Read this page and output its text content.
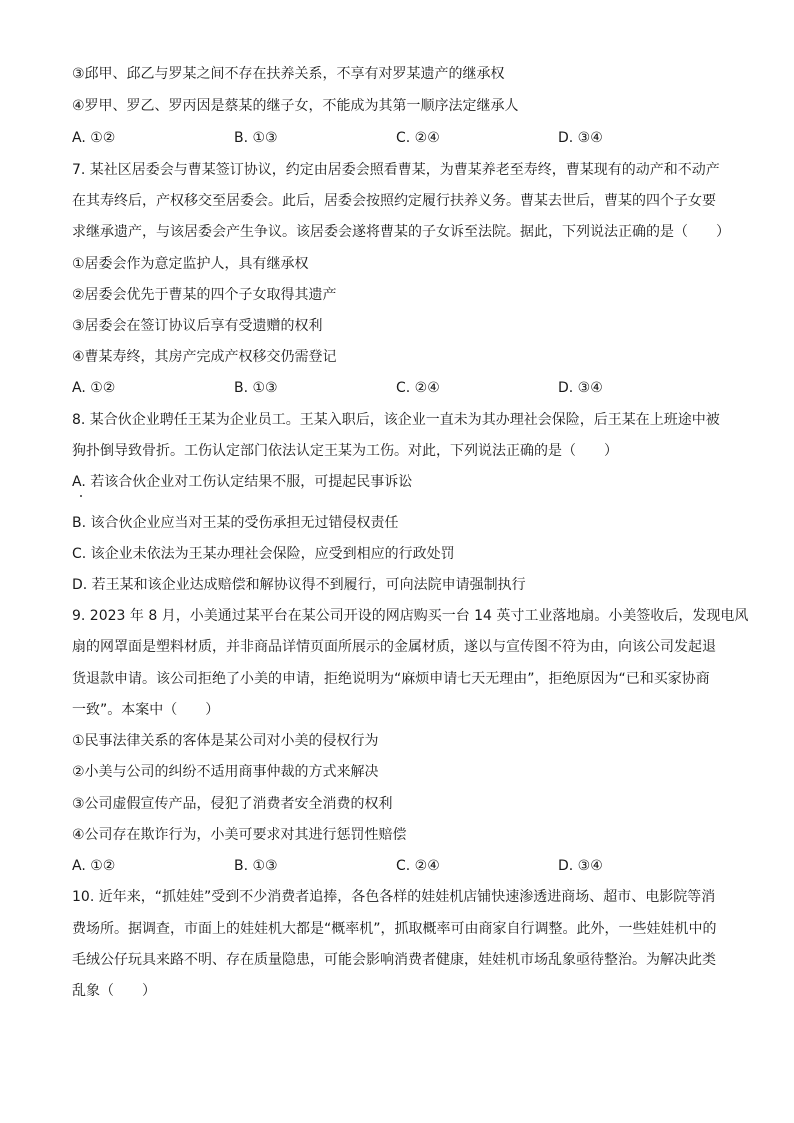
③邱甲、邱乙与罗某之间不存在扶养关系，不享有对罗某遗产的继承权
④罗甲、罗乙、罗丙因是蔡某的继子女，不能成为其第一顺序法定继承人
A. ①②	B. ①③	C. ②④	D. ③④
7. 某社区居委会与曹某签订协议，约定由居委会照看曹某，为曹某养老至寿终，曹某现有的动产和不动产
在其寿终后，产权移交至居委会。此后，居委会按照约定履行扶养义务。曹某去世后，曹某的四个子女要
求继承遗产，与该居委会产生争议。该居委会遂将曹某的子女诉至法院。据此，下列说法正确的是（　　）
①居委会作为意定监护人，具有继承权
②居委会优先于曹某的四个子女取得其遗产
③居委会在签订协议后享有受遗赠的权利
④曹某寿终，其房产完成产权移交仍需登记
A. ①②	B. ①③	C. ②④	D. ③④
8. 某合伙企业聘任王某为企业员工。王某入职后，该企业一直未为其办理社会保险，后王某在上班途中被
狗扑倒导致骨折。工伤认定部门依法认定王某为工伤。对此，下列说法正确的是（　　）
A. 若该合伙企业对工伤认定结果不服，可提起民事诉讼
B. 该合伙企业应当对王某的受伤承担无过错侵权责任
C. 该企业未依法为王某办理社会保险，应受到相应的行政处罚
D. 若王某和该企业达成赔偿和解协议得不到履行，可向法院申请强制执行
9. 2023 年 8 月，小美通过某平台在某公司开设的网店购买一台 14 英寸工业落地扇。小美签收后，发现电风
扇的网罩面是塑料材质，并非商品详情页面所展示的金属材质，遂以与宣传图不符为由，向该公司发起退
货退款申请。该公司拒绝了小美的申请，拒绝说明为“麻烦申请七天无理由”，拒绝原因为“已和买家协商
一致”。本案中（　　）
①民事法律关系的客体是某公司对小美的侵权行为
②小美与公司的纠纷不适用商事仲裁的方式来解决
③公司虚假宣传产品，侵犯了消费者安全消费的权利
④公司存在欺诈行为，小美可要求对其进行惩罚性赔偿
A. ①②	B. ①③	C. ②④	D. ③④
10. 近年来，“抓娃娃”受到不少消费者追捧，各色各样的娃娃机店铺快速渗透进商场、超市、电影院等消
费场所。据调查，市面上的娃娃机大都是“概率机”，抓取概率可由商家自行调整。此外，一些娃娃机中的
毛绒公仔玩具来路不明、存在质量隐患，可能会影响消费者健康，娃娃机市场乱象亟待整治。为解决此类
乱象（　　）
